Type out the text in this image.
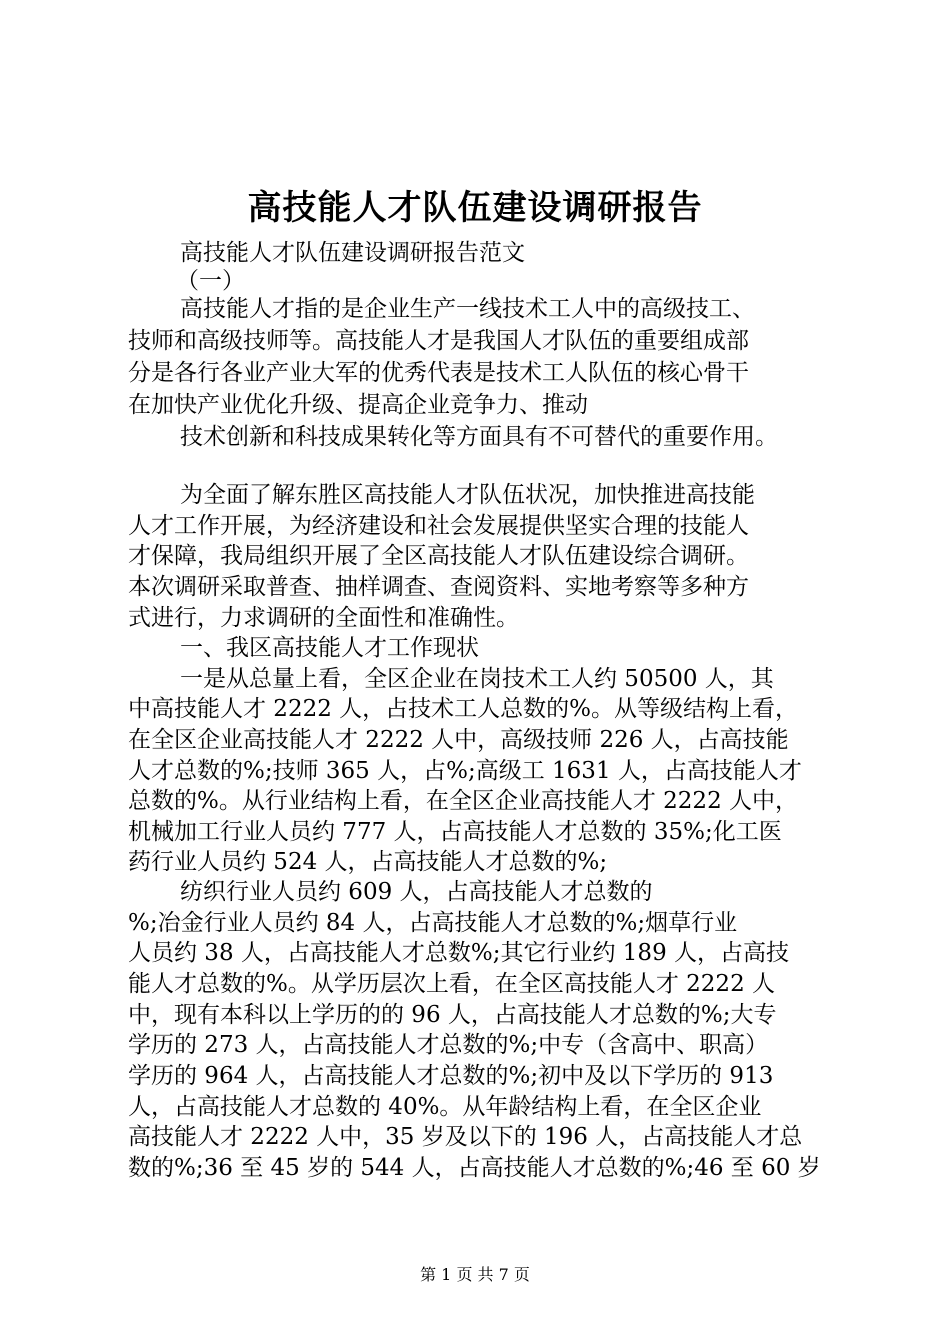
高技能人才队伍建设调研报告
高技能人才队伍建设调研报告范文
（一）
高技能人才指的是企业生产一线技术工人中的高级技工、
技师和高级技师等。高技能人才是我国人才队伍的重要组成部
分是各行各业产业大军的优秀代表是技术工人队伍的核心骨干
在加快产业优化升级、提高企业竞争力、推动
技术创新和科技成果转化等方面具有不可替代的重要作用。
为全面了解东胜区高技能人才队伍状况，加快推进高技能
人才工作开展，为经济建设和社会发展提供坚实合理的技能人
才保障，我局组织开展了全区高技能人才队伍建设综合调研。
本次调研采取普查、抽样调查、查阅资料、实地考察等多种方
式进行，力求调研的全面性和准确性。
一、我区高技能人才工作现状
一是从总量上看，全区企业在岗技术工人约 50500 人，其
中高技能人才 2222 人，占技术工人总数的%。从等级结构上看，
在全区企业高技能人才 2222 人中，高级技师 226 人，占高技能
人才总数的%;技师 365 人，占%;高级工 1631 人，占高技能人才
总数的%。从行业结构上看，在全区企业高技能人才 2222 人中，
机械加工行业人员约 777 人，占高技能人才总数的 35%;化工医
药行业人员约 524 人，占高技能人才总数的%;
纺织行业人员约 609 人，占高技能人才总数的
%;冶金行业人员约 84 人，占高技能人才总数的%;烟草行业
人员约 38 人，占高技能人才总数%;其它行业约 189 人，占高技
能人才总数的%。从学历层次上看，在全区高技能人才 2222 人
中，现有本科以上学历的的 96 人，占高技能人才总数的%;大专
学历的 273 人，占高技能人才总数的%;中专（含高中、职高）
学历的 964 人，占高技能人才总数的%;初中及以下学历的 913
人，占高技能人才总数的 40%。从年龄结构上看，在全区企业
高技能人才 2222 人中，35 岁及以下的 196 人，占高技能人才总
数的%;36 至 45 岁的 544 人，占高技能人才总数的%;46 至 60 岁
第 1 页 共 7 页
